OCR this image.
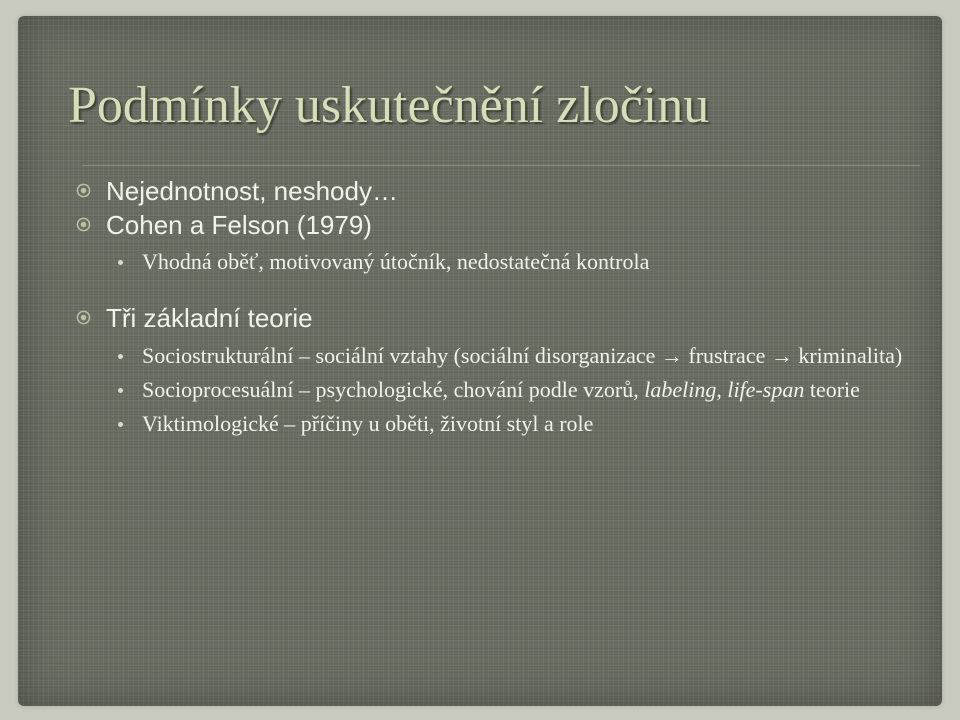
Podmínky uskutečnění zločinu
Nejednotnost, neshody…
Cohen a Felson (1979)
Vhodná oběť, motivovaný útočník, nedostatečná kontrola
Tři základní teorie
Sociostrukturální – sociální vztahy (sociální disorganizace → frustrace → kriminalita)
Socioprocesuální – psychologické, chování podle vzorů, labeling, life-span teorie
Viktimologické – příčiny u oběti, životní styl a role
